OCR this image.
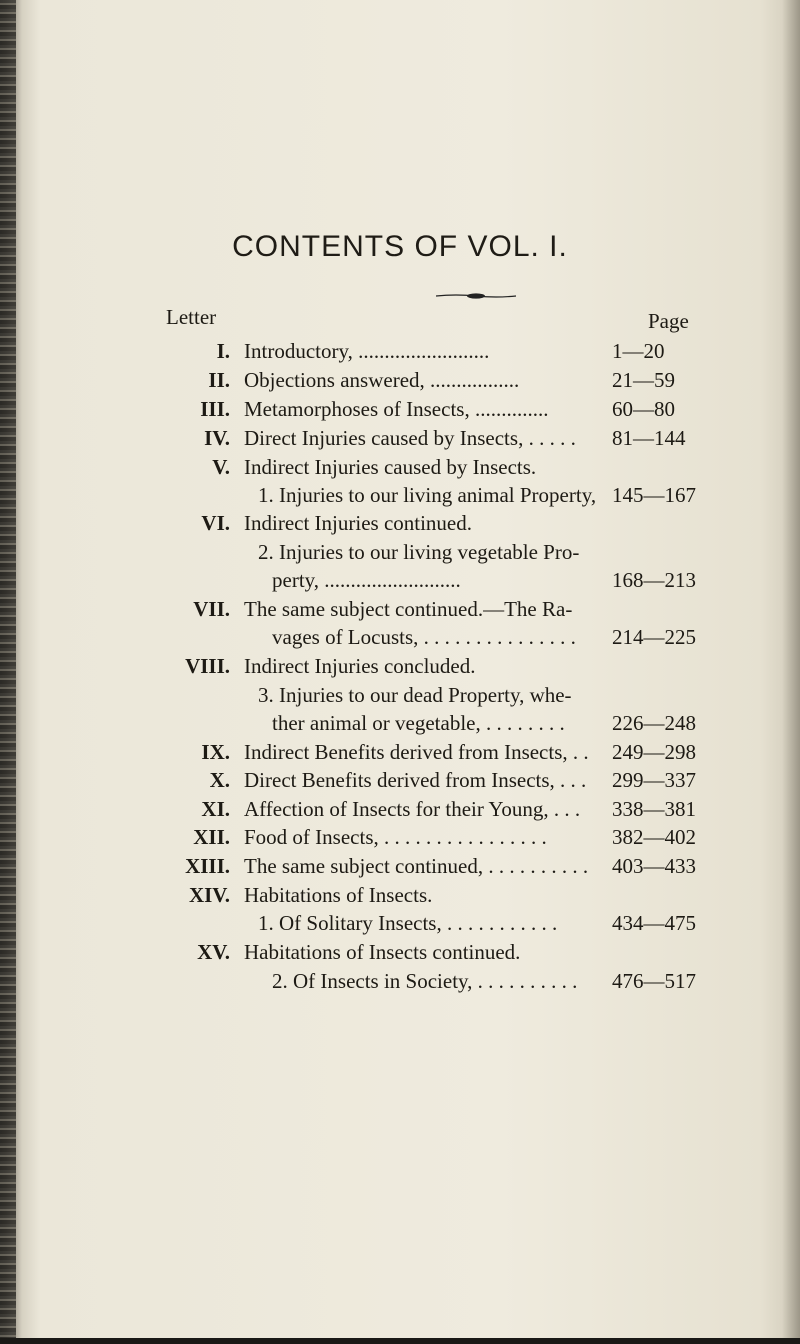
CONTENTS OF VOL. I.
Letter	Page
I. Introductory, .........................	1—20
II. Objections answered, .................	21—59
III. Metamorphoses of Insects, ..............	60—80
IV. Direct Injuries caused by Insects, . . . . . 81—144
V. Indirect Injuries caused by Insects.
1. Injuries to our living animal Property, 145—167
VI. Indirect Injuries continued.
2. Injuries to our living vegetable Pro-
perty, ..........................	168—213
VII. The same subject continued.—The Ra-
vages of Locusts, . . . . . . . . . . . . . . . 214—225
VIII. Indirect Injuries concluded.
3. Injuries to our dead Property, whe-
ther animal or vegetable, . . . . . . . . 226—248
IX. Indirect Benefits derived from Insects, . . 249—298
X. Direct Benefits derived from Insects, . . . 299—337
XI. Affection of Insects for their Young, . . . 338—381
XII. Food of Insects, . . . . . . . . . . . . . . . .	382—402
XIII. The same subject continued, . . . . . . . . . . 403—433
XIV. Habitations of Insects.
1. Of Solitary Insects, . . . . . . . . . . .	434—475
XV. Habitations of Insects continued.
2. Of Insects in Society, . . . . . . . . . . 476—517
